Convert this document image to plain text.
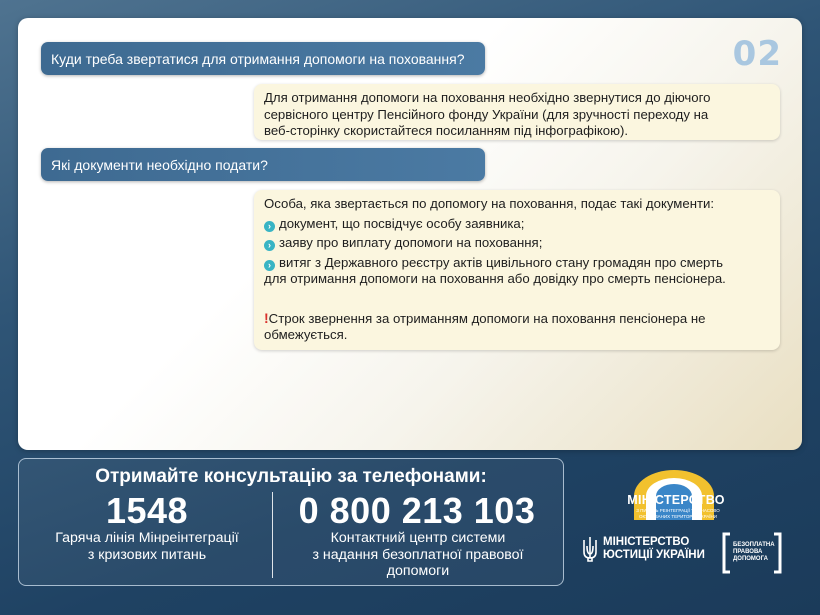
02
Куди треба звертатися для отримання допомоги на поховання?
Для отримання допомоги на поховання необхідно звернутися до діючого
сервісного центру Пенсійного фонду України (для зручності переходу на
веб-сторінку скористайтеся посиланням під інфографікою).
Які документи необхідно подати?
Особа, яка звертається по допомогу на поховання, подає такі документи:
› документ, що посвідчує особу заявника;
› заяву про виплату допомоги на поховання;
› витяг з Державного реєстру актів цивільного стану громадян про смерть
для отримання допомоги на поховання або довідку про смерть пенсіонера.
!Строк звернення за отриманням допомоги на поховання пенсіонера не
обмежується.
Отримайте консультацію за телефонами:
1548
Гаряча лінія Мінреінтеграції
з кризових питань
0 800 213 103
Контактний центр системи
з надання безоплатної правової
допомоги
МІНІСТЕРСТВО
З ПИТАНЬ РЕІНТЕГРАЦІЇ ТИМЧАСОВО
ОКУПОВАНИХ ТЕРИТОРІЙ УКРАЇНИ
МІНІСТЕРСТВО
ЮСТИЦІЇ УКРАЇНИ
БЕЗОПЛАТНА
ПРАВОВА
ДОПОМОГА
